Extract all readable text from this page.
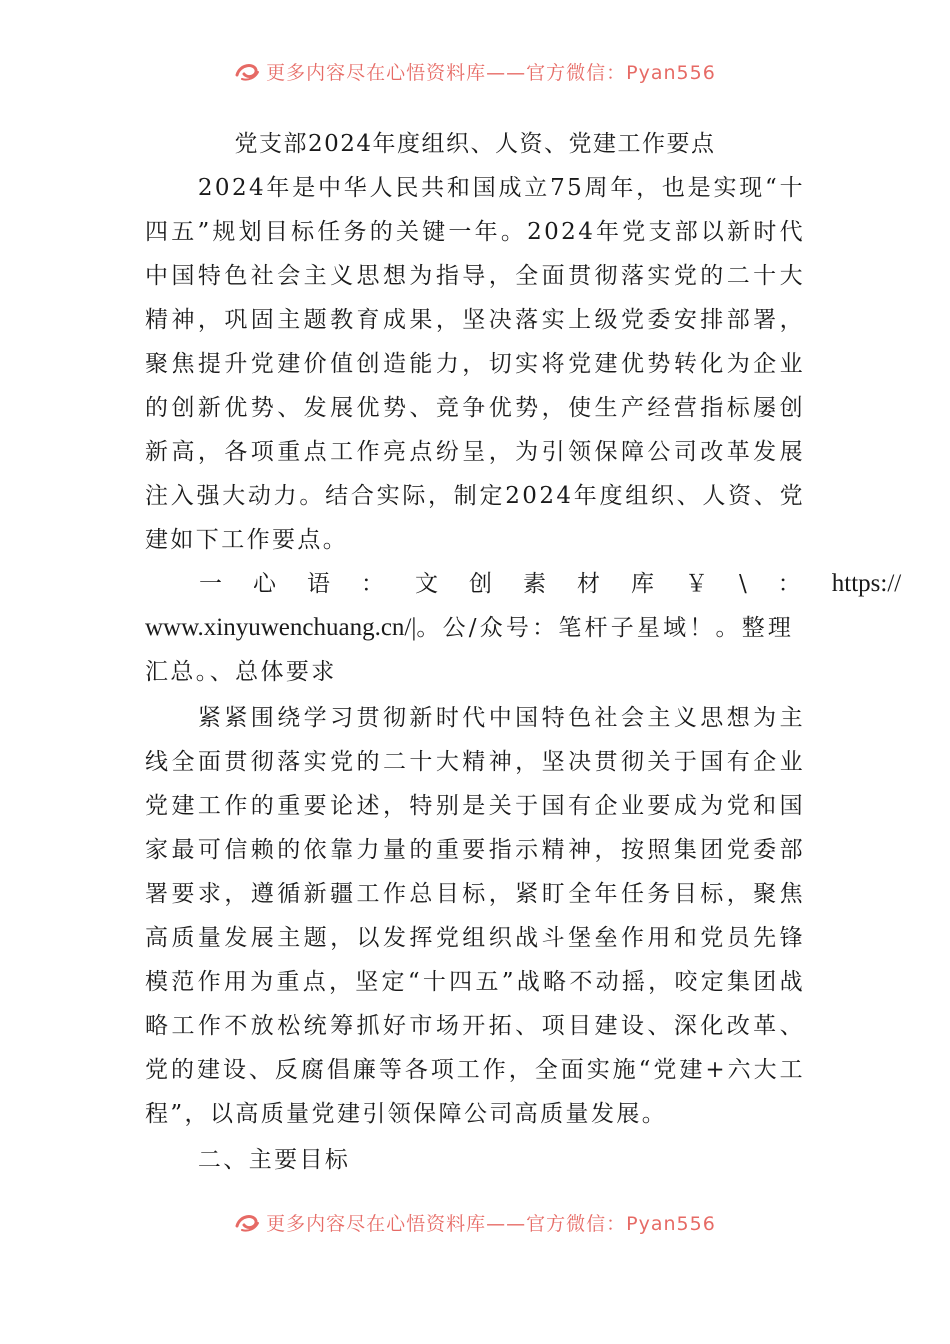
更多内容尽在心悟资料库——官方微信：Pyan556

党支部2024年度组织、人资、党建工作要点

2024年是中华人民共和国成立75周年，也是实现“十四五”规划目标任务的关键一年。2024年党支部以新时代中国特色社会主义思想为指导，全面贯彻落实党的二十大精神，巩固主题教育成果，坚决落实上级党委安排部署，聚焦提升党建价值创造能力，切实将党建优势转化为企业的创新优势、发展优势、竞争优势，使生产经营指标屡创新高，各项重点工作亮点纷呈，为引领保障公司改革发展注入强大动力。结合实际，制定2024年度组织、人资、党建如下工作要点。

一心语：文创素材库￥\：https://
www.xinyuwenchuang.cn/|。公/众号：笔杆子星域！。整理
汇总。、总体要求

紧紧围绕学习贯彻新时代中国特色社会主义思想为主线全面贯彻落实党的二十大精神，坚决贯彻关于国有企业党建工作的重要论述，特别是关于国有企业要成为党和国家最可信赖的依靠力量的重要指示精神，按照集团党委部署要求，遵循新疆工作总目标，紧盯全年任务目标，聚焦高质量发展主题，以发挥党组织战斗堡垒作用和党员先锋模范作用为重点，坚定“十四五”战略不动摇，咬定集团战略工作不放松统筹抓好市场开拓、项目建设、深化改革、党的建设、反腐倡廉等各项工作，全面实施“党建+六大工程”，以高质量党建引领保障公司高质量发展。

二、主要目标

更多内容尽在心悟资料库——官方微信：Pyan556
